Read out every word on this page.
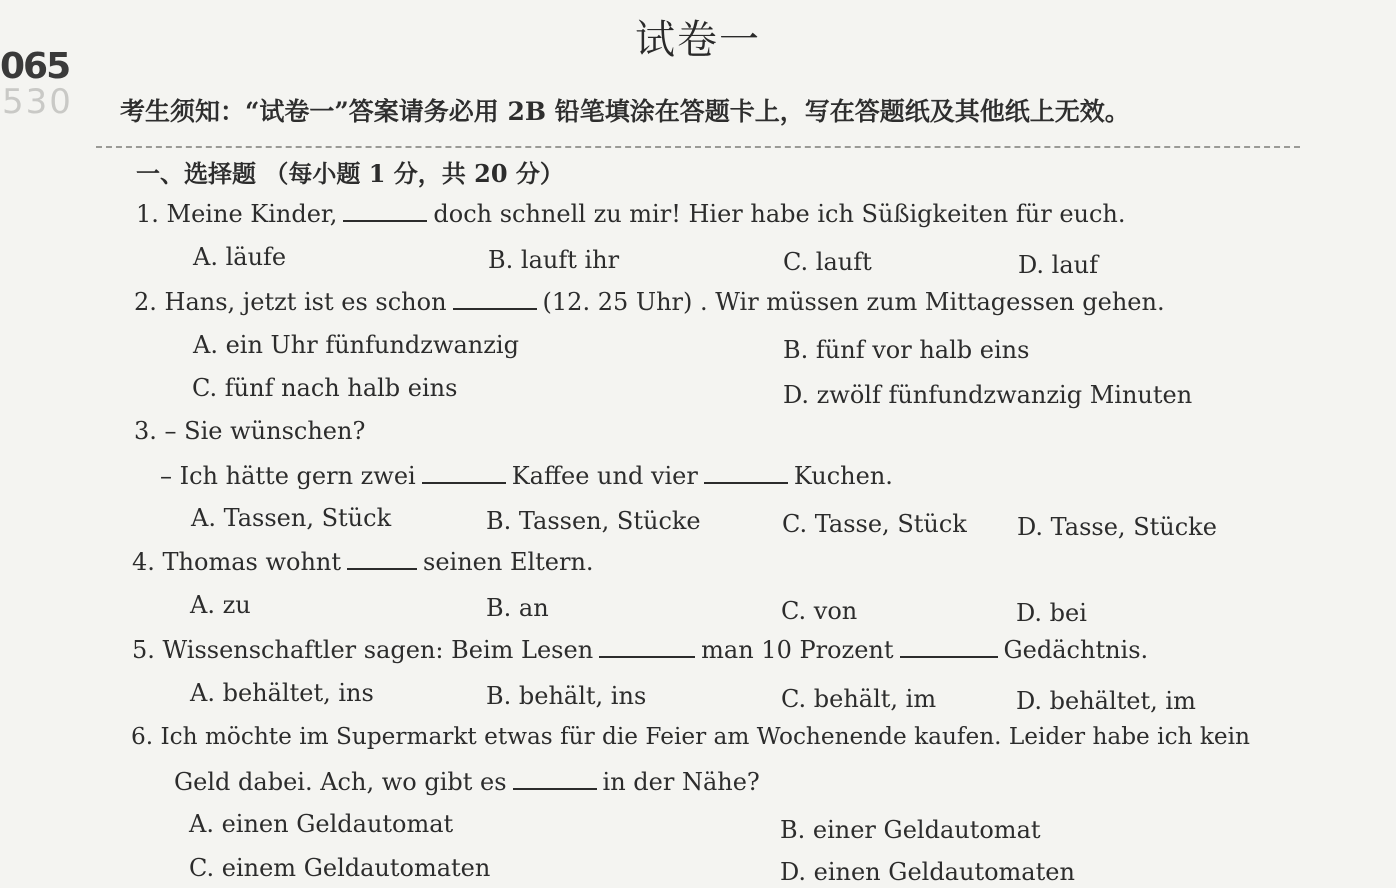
065
530
试卷一
考生须知：“试卷一”答案请务必用 2B 铅笔填涂在答题卡上，写在答题纸及其他纸上无效。
一、选择题 （每小题 1 分，共 20 分）
1. Meine Kinder,	doch schnell zu mir! Hier habe ich Süßigkeiten für euch.
A. läufe	B. lauft ihr	C. lauft	D. lauf
2. Hans, jetzt ist es schon	(12. 25 Uhr) . Wir müssen zum Mittagessen gehen.
A. ein Uhr fünfundzwanzig	B. fünf vor halb eins
C. fünf nach halb eins	D. zwölf fünfundzwanzig Minuten
3. – Sie wünschen?
– Ich hätte gern zwei	Kaffee und vier	Kuchen.
A. Tassen, Stück	B. Tassen, Stücke	C. Tasse, Stück D. Tasse, Stücke
4. Thomas wohnt	seinen Eltern.
A. zu	B. an	C. von	D. bei
5. Wissenschaftler sagen: Beim Lesen	man 10 Prozent	Gedächtnis.
A. behältet, ins	B. behält, ins	C. behält, im	D. behältet, im
6. Ich möchte im Supermarkt etwas für die Feier am Wochenende kaufen. Leider habe ich kein
Geld dabei. Ach, wo gibt es	in der Nähe?
A. einen Geldautomat	B. einer Geldautomat
C. einem Geldautomaten	D. einen Geldautomaten
